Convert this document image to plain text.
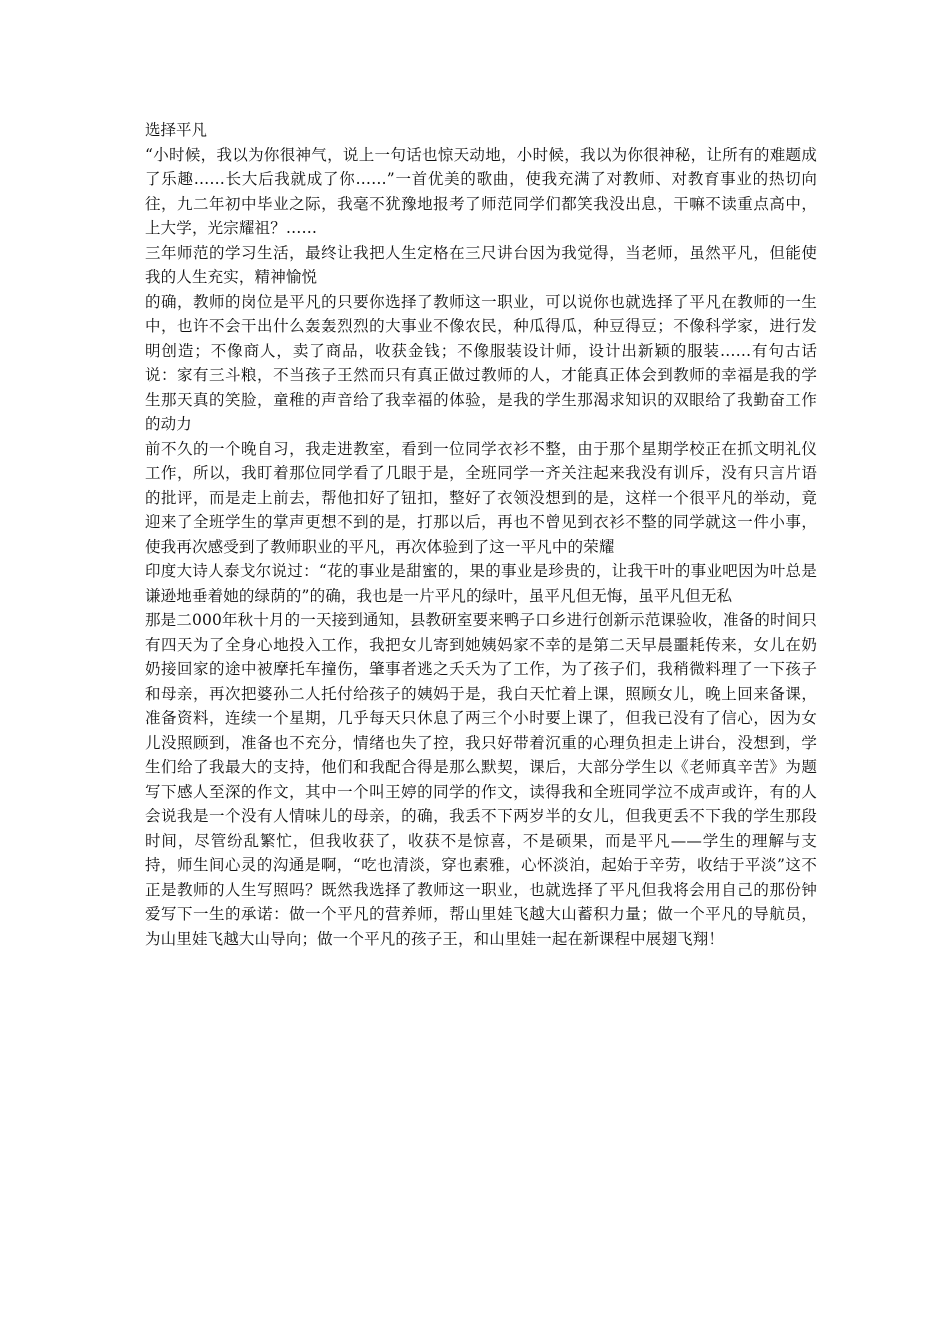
选择平凡

“小时候，我以为你很神气，说上一句话也惊天动地，小时候，我以为你很神秘，让所有的难题成了乐趣……长大后我就成了你……”一首优美的歌曲，使我充满了对教师、对教育事业的热切向往，九二年初中毕业之际，我毫不犹豫地报考了师范同学们都笑我没出息，干嘛不读重点高中，上大学，光宗耀祖？……

三年师范的学习生活，最终让我把人生定格在三尺讲台因为我觉得，当老师，虽然平凡，但能使我的人生充实，精神愉悦

的确，教师的岗位是平凡的只要你选择了教师这一职业，可以说你也就选择了平凡在教师的一生中，也许不会干出什么轰轰烈烈的大事业不像农民，种瓜得瓜，种豆得豆；不像科学家，进行发明创造；不像商人，卖了商品，收获金钱；不像服装设计师，设计出新颖的服装……有句古话说：家有三斗粮，不当孩子王然而只有真正做过教师的人，才能真正体会到教师的幸福是我的学生那天真的笑脸，童稚的声音给了我幸福的体验，是我的学生那渴求知识的双眼给了我勤奋工作的动力

前不久的一个晚自习，我走进教室，看到一位同学衣衫不整，由于那个星期学校正在抓文明礼仪工作，所以，我盯着那位同学看了几眼于是，全班同学一齐关注起来我没有训斥，没有只言片语的批评，而是走上前去，帮他扣好了钮扣，整好了衣领没想到的是，这样一个很平凡的举动，竟迎来了全班学生的掌声更想不到的是，打那以后，再也不曾见到衣衫不整的同学就这一件小事，使我再次感受到了教师职业的平凡，再次体验到了这一平凡中的荣耀

印度大诗人泰戈尔说过：“花的事业是甜蜜的，果的事业是珍贵的，让我干叶的事业吧因为叶总是谦逊地垂着她的绿荫的”的确，我也是一片平凡的绿叶，虽平凡但无悔，虽平凡但无私

那是二000年秋十月的一天接到通知，县教研室要来鸭子口乡进行创新示范课验收，准备的时间只有四天为了全身心地投入工作，我把女儿寄到她姨妈家不幸的是第二天早晨噩耗传来，女儿在奶奶接回家的途中被摩托车撞伤，肇事者逃之夭夭为了工作，为了孩子们，我稍微料理了一下孩子和母亲，再次把婆孙二人托付给孩子的姨妈于是，我白天忙着上课，照顾女儿，晚上回来备课，准备资料，连续一个星期，几乎每天只休息了两三个小时要上课了，但我已没有了信心，因为女儿没照顾到，准备也不充分，情绪也失了控，我只好带着沉重的心理负担走上讲台，没想到，学生们给了我最大的支持，他们和我配合得是那么默契，课后，大部分学生以《老师真辛苦》为题写下感人至深的作文，其中一个叫王婷的同学的作文，读得我和全班同学泣不成声或许，有的人会说我是一个没有人情味儿的母亲，的确，我丢不下两岁半的女儿，但我更丢不下我的学生那段时间，尽管纷乱繁忙，但我收获了，收获不是惊喜，不是硕果，而是平凡——学生的理解与支持，师生间心灵的沟通是啊，“吃也清淡，穿也素雅，心怀淡泊，起始于辛劳，收结于平淡”这不正是教师的人生写照吗？既然我选择了教师这一职业，也就选择了平凡但我将会用自己的那份钟爱写下一生的承诺：做一个平凡的营养师，帮山里娃飞越大山蓄积力量；做一个平凡的导航员，为山里娃飞越大山导向；做一个平凡的孩子王，和山里娃一起在新课程中展翅飞翔！
